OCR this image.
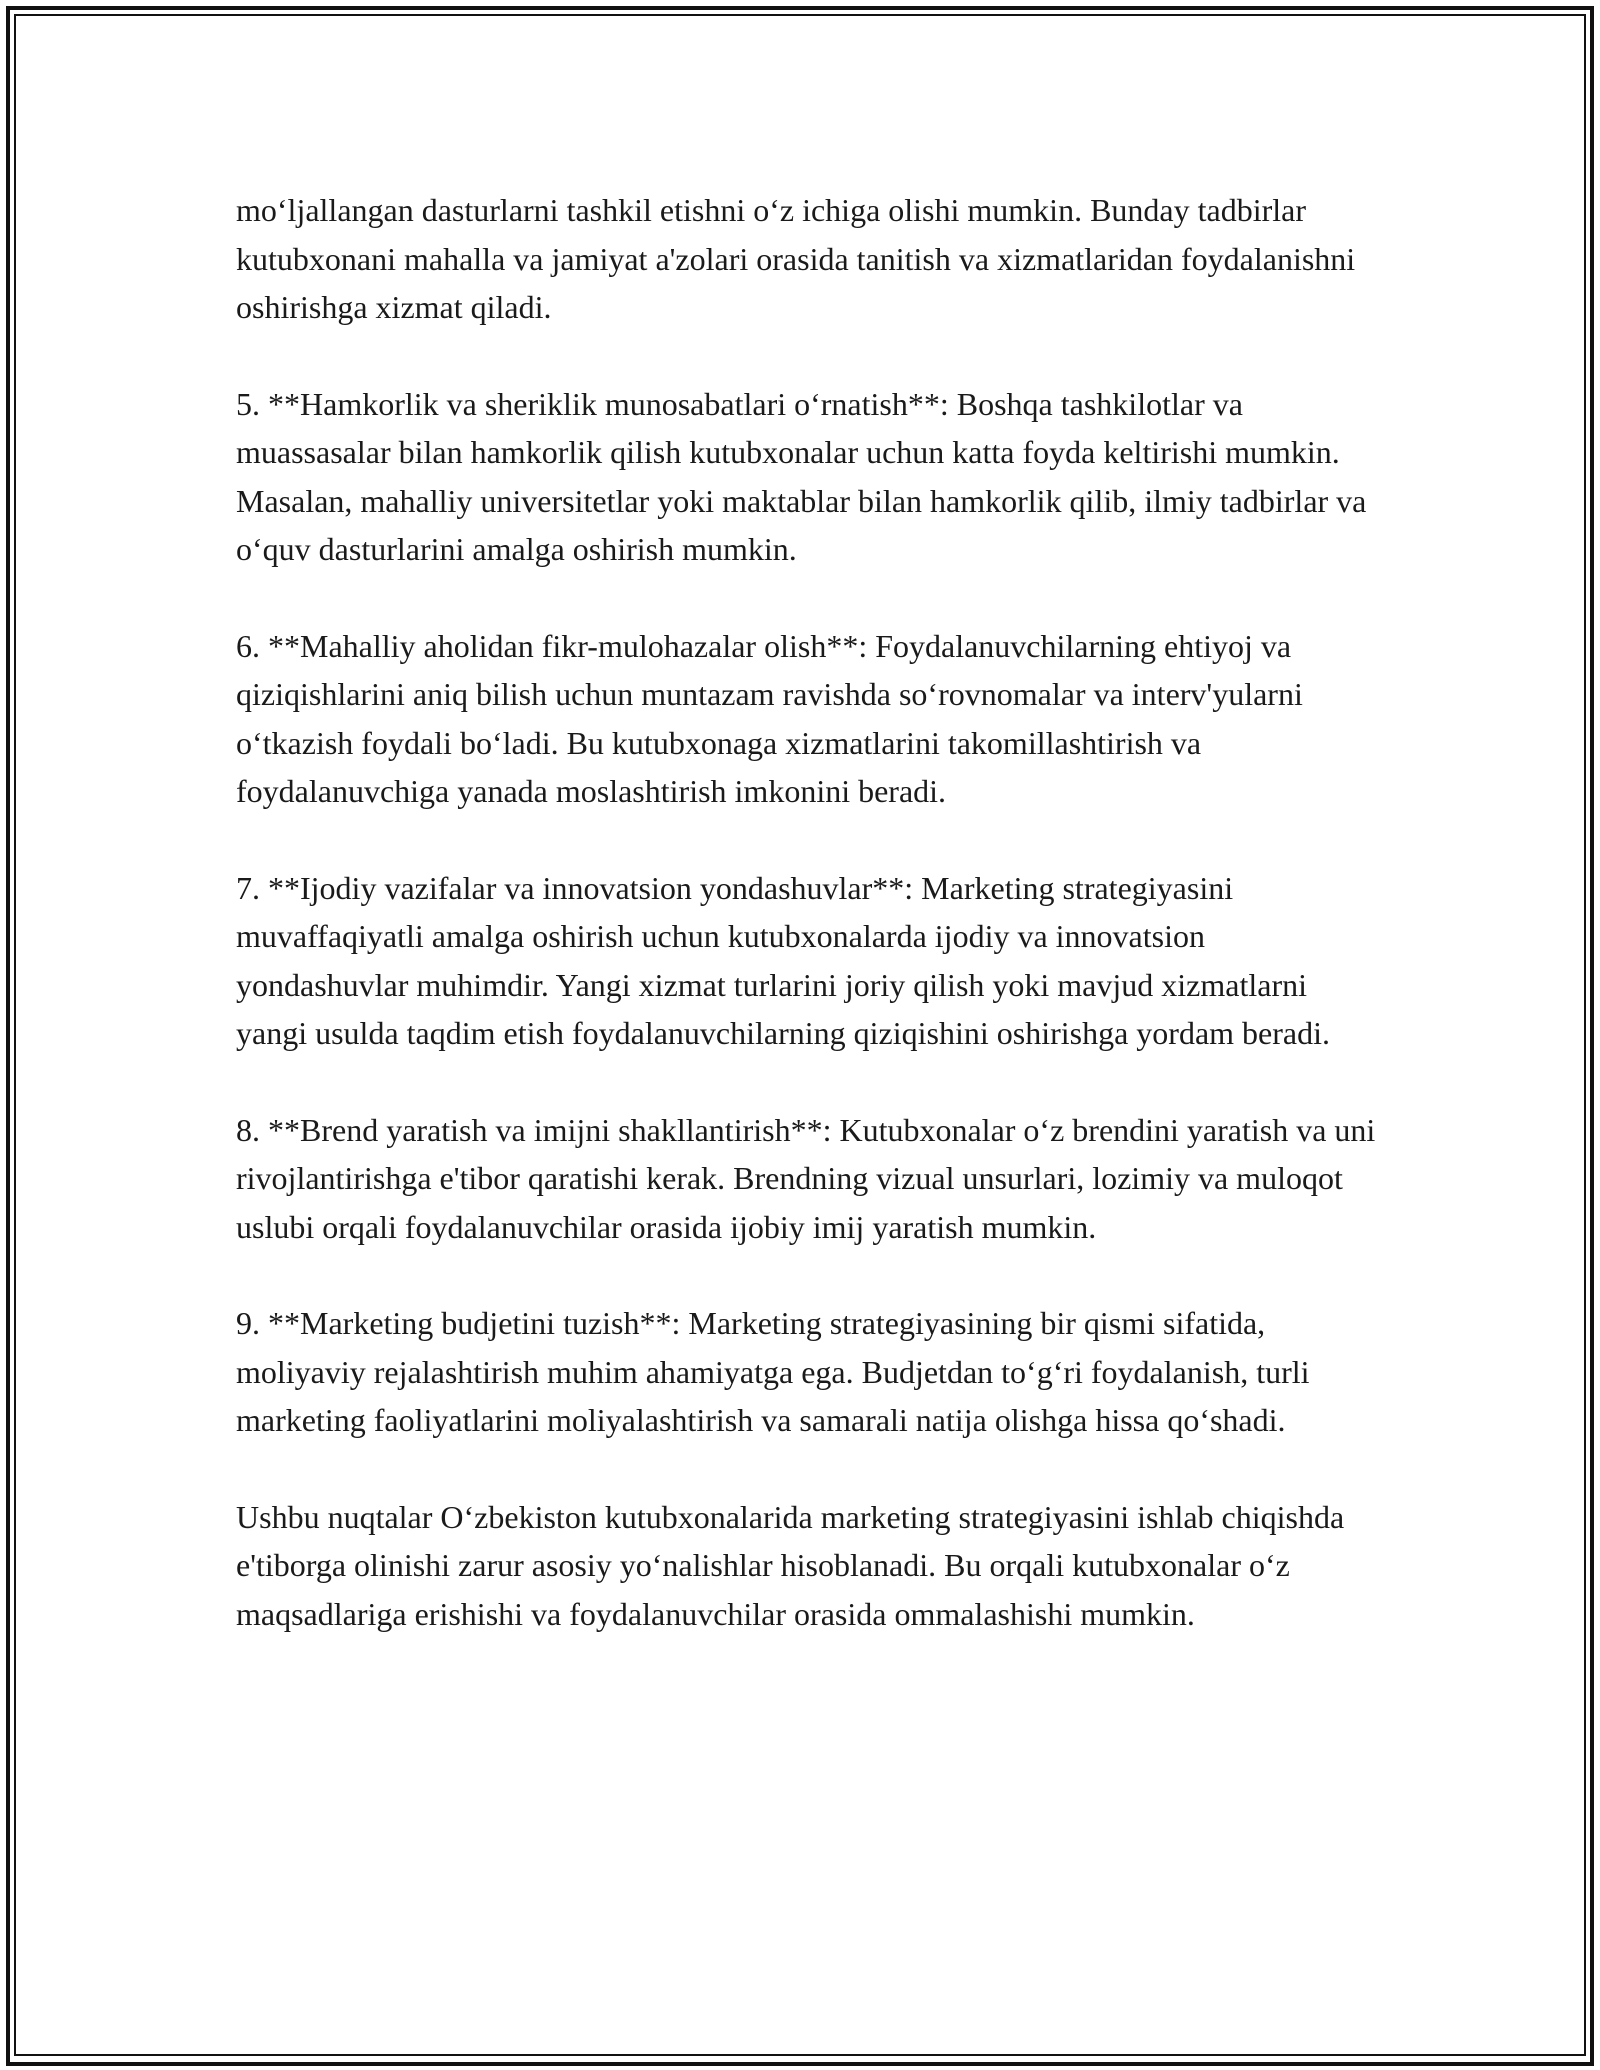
mo‘ljallangan dasturlarni tashkil etishni o‘z ichiga olishi mumkin. Bunday tadbirlar kutubxonani mahalla va jamiyat a'zolari orasida tanitish va xizmatlaridan foydalanishni oshirishga xizmat qiladi.

5. **Hamkorlik va sheriklik munosabatlari o‘rnatish**: Boshqa tashkilotlar va muassasalar bilan hamkorlik qilish kutubxonalar uchun katta foyda keltirishi mumkin. Masalan, mahalliy universitetlar yoki maktablar bilan hamkorlik qilib, ilmiy tadbirlar va o‘quv dasturlarini amalga oshirish mumkin.

6. **Mahalliy aholidan fikr-mulohazalar olish**: Foydalanuvchilarning ehtiyoj va qiziqishlarini aniq bilish uchun muntazam ravishda so‘rovnomalar va interv'yularni o‘tkazish foydali bo‘ladi. Bu kutubxonaga xizmatlarini takomillashtirish va foydalanuvchiga yanada moslashtirish imkonini beradi.

7. **Ijodiy vazifalar va innovatsion yondashuvlar**: Marketing strategiyasini muvaffaqiyatli amalga oshirish uchun kutubxonalarda ijodiy va innovatsion yondashuvlar muhimdir. Yangi xizmat turlarini joriy qilish yoki mavjud xizmatlarni yangi usulda taqdim etish foydalanuvchilarning qiziqishini oshirishga yordam beradi.

8. **Brend yaratish va imijni shakllantirish**: Kutubxonalar o‘z brendini yaratish va uni rivojlantirishga e'tibor qaratishi kerak. Brendning vizual unsurlari, lozimiy va muloqot uslubi orqali foydalanuvchilar orasida ijobiy imij yaratish mumkin.

9. **Marketing budjetini tuzish**: Marketing strategiyasining bir qismi sifatida, moliyaviy rejalashtirish muhim ahamiyatga ega. Budjetdan to‘g‘ri foydalanish, turli marketing faoliyatlarini moliyalashtirish va samarali natija olishga hissa qo‘shadi.

Ushbu nuqtalar O‘zbekiston kutubxonalarida marketing strategiyasini ishlab chiqishda e'tiborga olinishi zarur asosiy yo‘nalishlar hisoblanadi. Bu orqali kutubxonalar o‘z maqsadlariga erishishi va foydalanuvchilar orasida ommalashishi mumkin.
